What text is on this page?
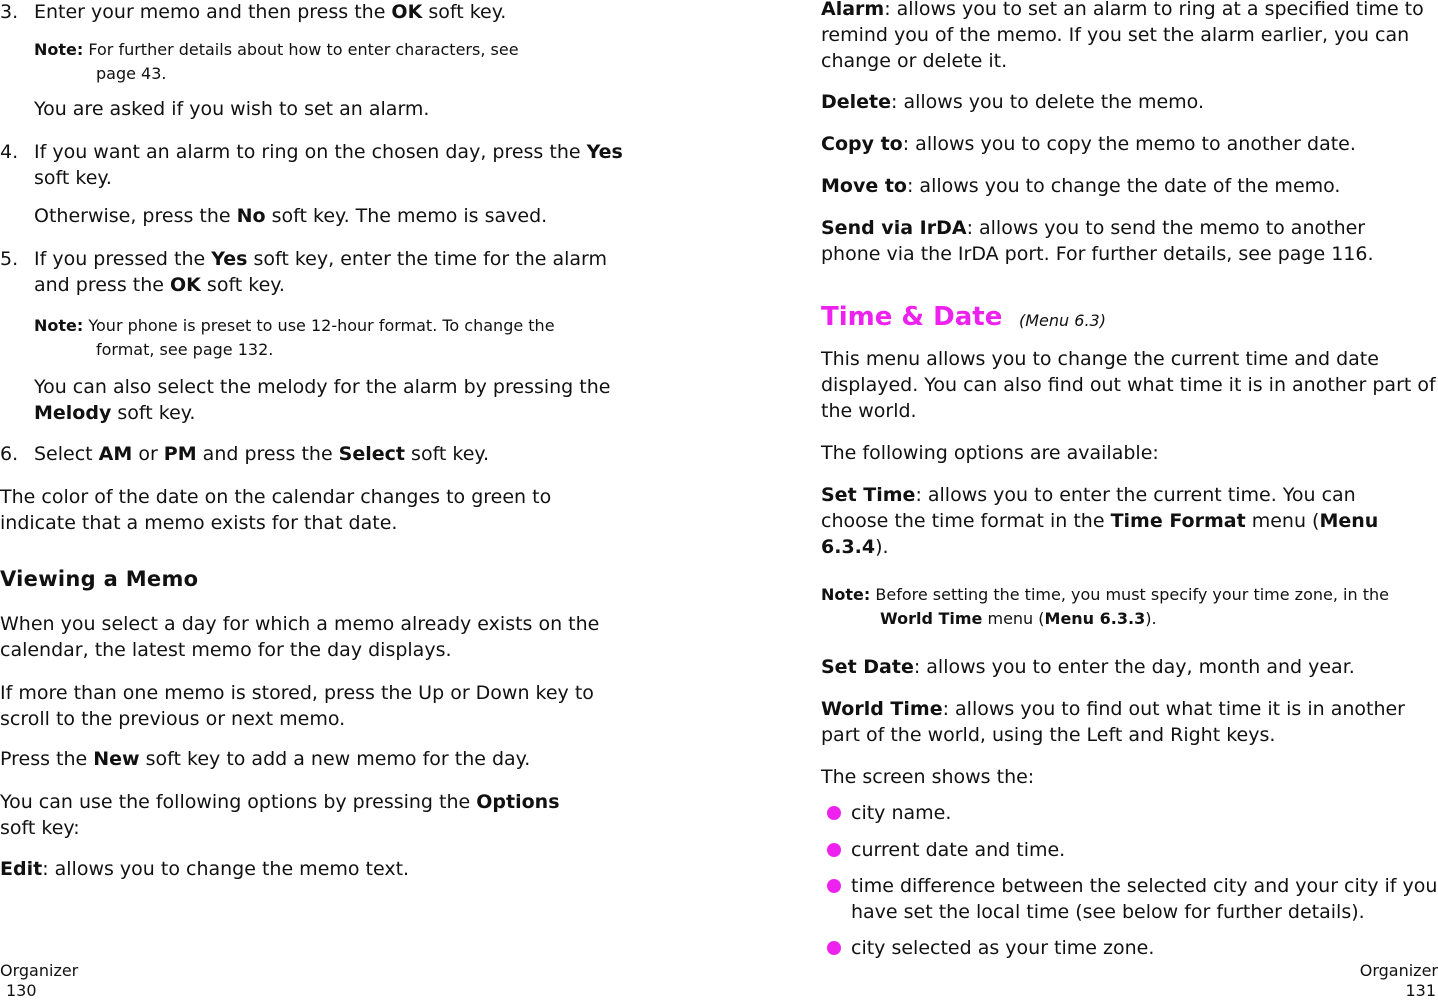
3. Enter your memo and then press the OK soft key.

Note: For further details about how to enter characters, see
page 43.

You are asked if you wish to set an alarm.

4. If you want an alarm to ring on the chosen day, press the Yes soft key.

Otherwise, press the No soft key. The memo is saved.

5. If you pressed the Yes soft key, enter the time for the alarm and press the OK soft key.

Note: Your phone is preset to use 12-hour format. To change the
format, see page 132.

You can also select the melody for the alarm by pressing the Melody soft key.

6. Select AM or PM and press the Select soft key.

The color of the date on the calendar changes to green to indicate that a memo exists for that date.

Viewing a Memo

When you select a day for which a memo already exists on the calendar, the latest memo for the day displays.

If more than one memo is stored, press the Up or Down key to scroll to the previous or next memo.

Press the New soft key to add a new memo for the day.

You can use the following options by pressing the Options soft key:

Edit: allows you to change the memo text.

Organizer
130

Alarm: allows you to set an alarm to ring at a specified time to remind you of the memo. If you set the alarm earlier, you can change or delete it.

Delete: allows you to delete the memo.

Copy to: allows you to copy the memo to another date.

Move to: allows you to change the date of the memo.

Send via IrDA: allows you to send the memo to another phone via the IrDA port. For further details, see page 116.

Time & Date (Menu 6.3)

This menu allows you to change the current time and date displayed. You can also find out what time it is in another part of the world.

The following options are available:

Set Time: allows you to enter the current time. You can choose the time format in the Time Format menu (Menu 6.3.4).

Note: Before setting the time, you must specify your time zone, in the
World Time menu (Menu 6.3.3).

Set Date: allows you to enter the day, month and year.

World Time: allows you to find out what time it is in another part of the world, using the Left and Right keys.

The screen shows the:

city name.

current date and time.

time difference between the selected city and your city if you have set the local time (see below for further details).

city selected as your time zone.

Organizer
131
